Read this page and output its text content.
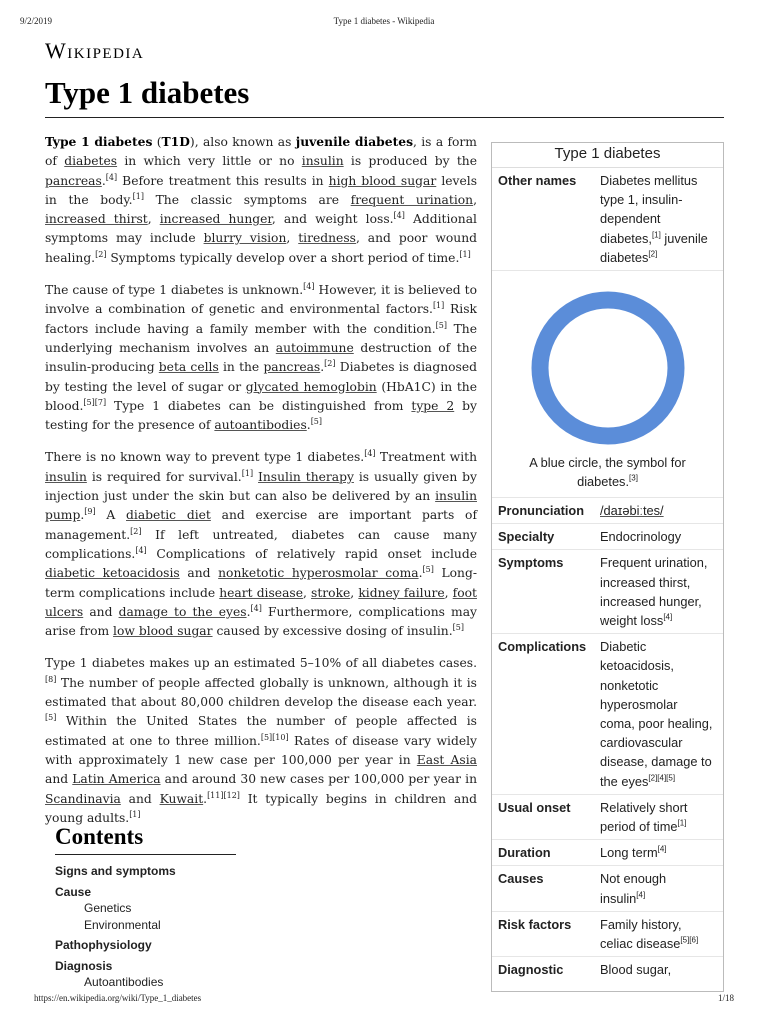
9/2/2019	Type 1 diabetes - Wikipedia
Wikipedia
Type 1 diabetes

Type 1 diabetes (T1D), also known as juvenile diabetes, is a form of diabetes in which very little or no insulin is produced by the pancreas.[4] Before treatment this results in high blood sugar levels in the body.[1] The classic symptoms are frequent urination, increased thirst, increased hunger, and weight loss.[4] Additional symptoms may include blurry vision, tiredness, and poor wound healing.[2] Symptoms typically develop over a short period of time.[1]

The cause of type 1 diabetes is unknown.[4] However, it is believed to involve a combination of genetic and environmental factors.[1] Risk factors include having a family member with the condition.[5] The underlying mechanism involves an autoimmune destruction of the insulin-producing beta cells in the pancreas.[2] Diabetes is diagnosed by testing the level of sugar or glycated hemoglobin (HbA1C) in the blood.[5][7] Type 1 diabetes can be distinguished from type 2 by testing for the presence of autoantibodies.[5]

There is no known way to prevent type 1 diabetes.[4] Treatment with insulin is required for survival.[1] Insulin therapy is usually given by injection just under the skin but can also be delivered by an insulin pump.[9] A diabetic diet and exercise are important parts of management.[2] If left untreated, diabetes can cause many complications.[4] Complications of relatively rapid onset include diabetic ketoacidosis and nonketotic hyperosmolar coma.[5] Long-term complications include heart disease, stroke, kidney failure, foot ulcers and damage to the eyes.[4] Furthermore, complications may arise from low blood sugar caused by excessive dosing of insulin.[5]

Type 1 diabetes makes up an estimated 5–10% of all diabetes cases.[8] The number of people affected globally is unknown, although it is estimated that about 80,000 children develop the disease each year.[5] Within the United States the number of people affected is estimated at one to three million.[5][10] Rates of disease vary widely with approximately 1 new case per 100,000 per year in East Asia and Latin America and around 30 new cases per 100,000 per year in Scandinavia and Kuwait.[11][12] It typically begins in children and young adults.[1]

Contents
Signs and symptoms
Cause
Genetics
Environmental
Pathophysiology
Diagnosis
Autoantibodies
Type 1 diabetes
Other names	Diabetes mellitus type 1, insulin-dependent diabetes,[1] juvenile diabetes[2]
A blue circle, the symbol for diabetes.[3]
Pronunciation	/daɪəbiːtes/
Specialty	Endocrinology
Symptoms	Frequent urination, increased thirst, increased hunger, weight loss[4]
Complications	Diabetic ketoacidosis, nonketotic hyperosmolar coma, poor healing, cardiovascular disease, damage to the eyes[2][4][5]
Usual onset	Relatively short period of time[1]
Duration	Long term[4]
Causes	Not enough insulin[4]
Risk factors	Family history, celiac disease[5][6]
Diagnostic	Blood sugar,
https://en.wikipedia.org/wiki/Type_1_diabetes	1/18
